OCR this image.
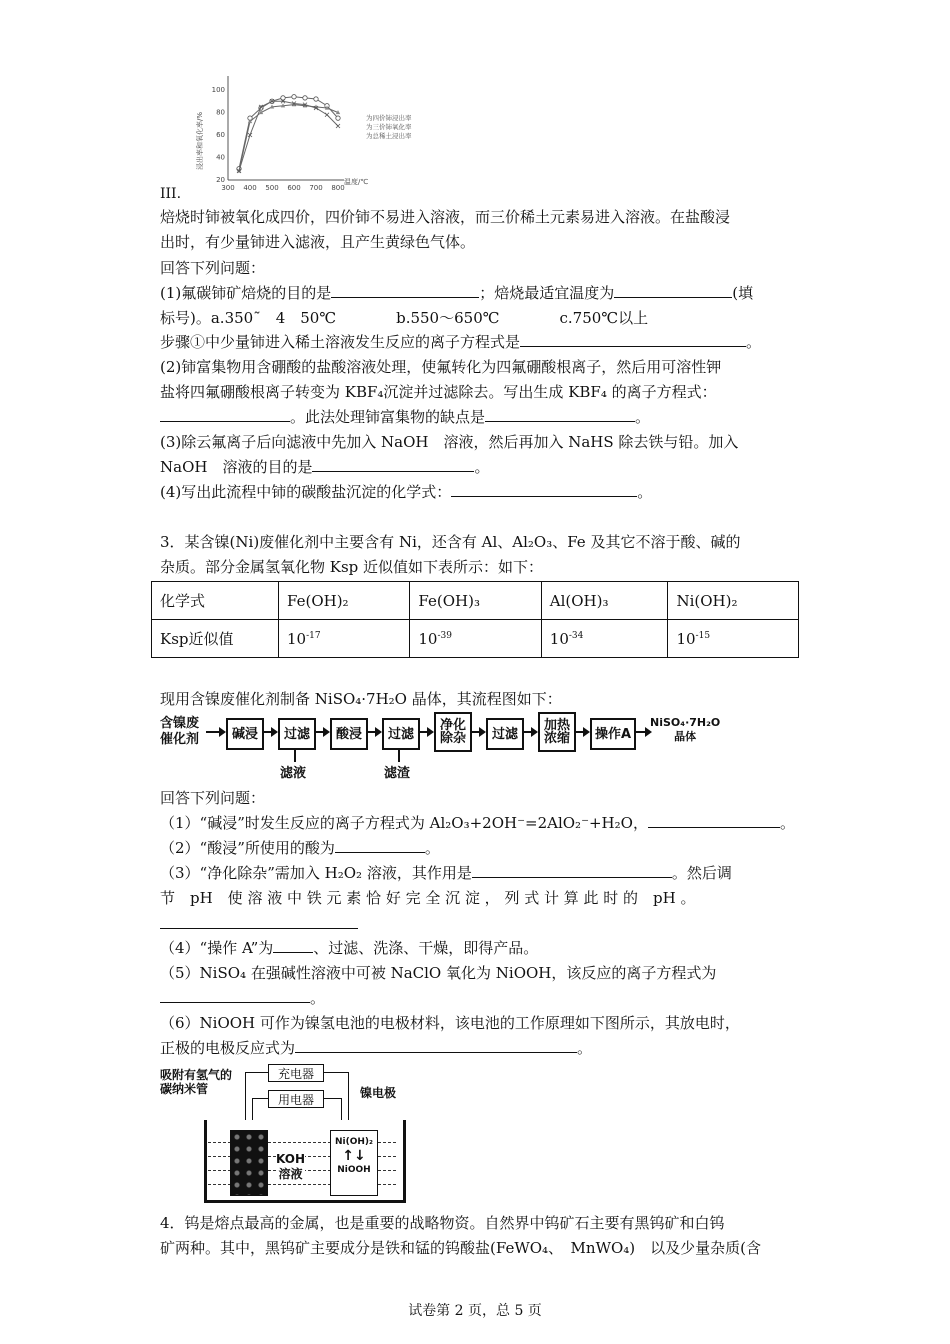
300 400 500 600 700 800
100
80
60
40
20	温度/℃
浸出率和氧化率/%	为四价铈浸出率
为三价铈氧化率
为总稀土浸出率
III.
焙烧时铈被氧化成四价，四价铈不易进入溶液，而三价稀土元素易进入溶液。在盐酸浸
出时，有少量铈进入滤液，且产生黄绿色气体。
回答下列问题：
(1)氟碳铈矿焙烧的目的是	；焙烧最适宜温度为	(填
标号)。a.350˜　4　50℃　　　　b.550～650℃　　　　c.750℃以上
步骤①中少量铈进入稀土溶液发生反应的离子方程式是	。
(2)铈富集物用含硼酸的盐酸溶液处理，使氟转化为四氟硼酸根离子，然后用可溶性钾
盐将四氟硼酸根离子转变为 KBF₄沉淀并过滤除去。写出生成 KBF₄ 的离子方程式：
。此法处理铈富集物的缺点是	。
(3)除云氟离子后向滤液中先加入 NaOH　溶液，然后再加入 NaHS 除去铁与铅。加入
NaOH　溶液的目的是	。
(4)写出此流程中铈的碳酸盐沉淀的化学式：	。
3．某含镍(Ni)废催化剂中主要含有 Ni，还含有 Al、Al₂O₃、Fe 及其它不溶于酸、碱的
杂质。部分金属氢氧化物 Ksp 近似值如下表所示：如下：
化学式	Fe(OH)₂	Fe(OH)₃	Al(OH)₃	Ni(OH)₂
Ksp近似值	$10^{-17}$	$10^{-39}$	$10^{-34}$	$10^{-15}$
现用含镍废催化剂制备 NiSO₄·7H₂O 晶体，其流程图如下：
含镍废
催化剂	碱浸	过滤	酸浸	过滤
净化
除杂	过滤
加热
浓缩	操作A
NiSO₄·7H₂O
晶体
滤液	滤渣
回答下列问题：
（1）“碱浸”时发生反应的离子方程式为 Al₂O₃+2OH⁻=2AlO₂⁻+H₂O，	。
（2）“酸浸”所使用的酸为	。
（3）“净化除杂”需加入 H₂O₂ 溶液，其作用是	。然后调
节　pH　使 溶 液 中 铁 元 素 恰 好 完 全 沉 淀 ， 列 式 计 算 此 时 的　pH 。
（4）“操作 A”为	、过滤、洗涤、干燥，即得产品。
（5）NiSO₄ 在强碱性溶液中可被 NaClO 氧化为 NiOOH，该反应的离子方程式为
。
（6）NiOOH 可作为镍氢电池的电极材料，该电池的工作原理如下图所示，其放电时，
正极的电极反应式为	。
吸附有氢气的
碳纳米管
充电器
用电器	镍电极
KOH
溶液
Ni(OH)₂
↑↓
NiOOH
4．钨是熔点最高的金属，也是重要的战略物资。自然界中钨矿石主要有黑钨矿和白钨
矿两种。其中，黑钨矿主要成分是铁和锰的钨酸盐(FeWO₄、　MnWO₄)　以及少量杂质(含
试卷第 2 页，总 5 页
